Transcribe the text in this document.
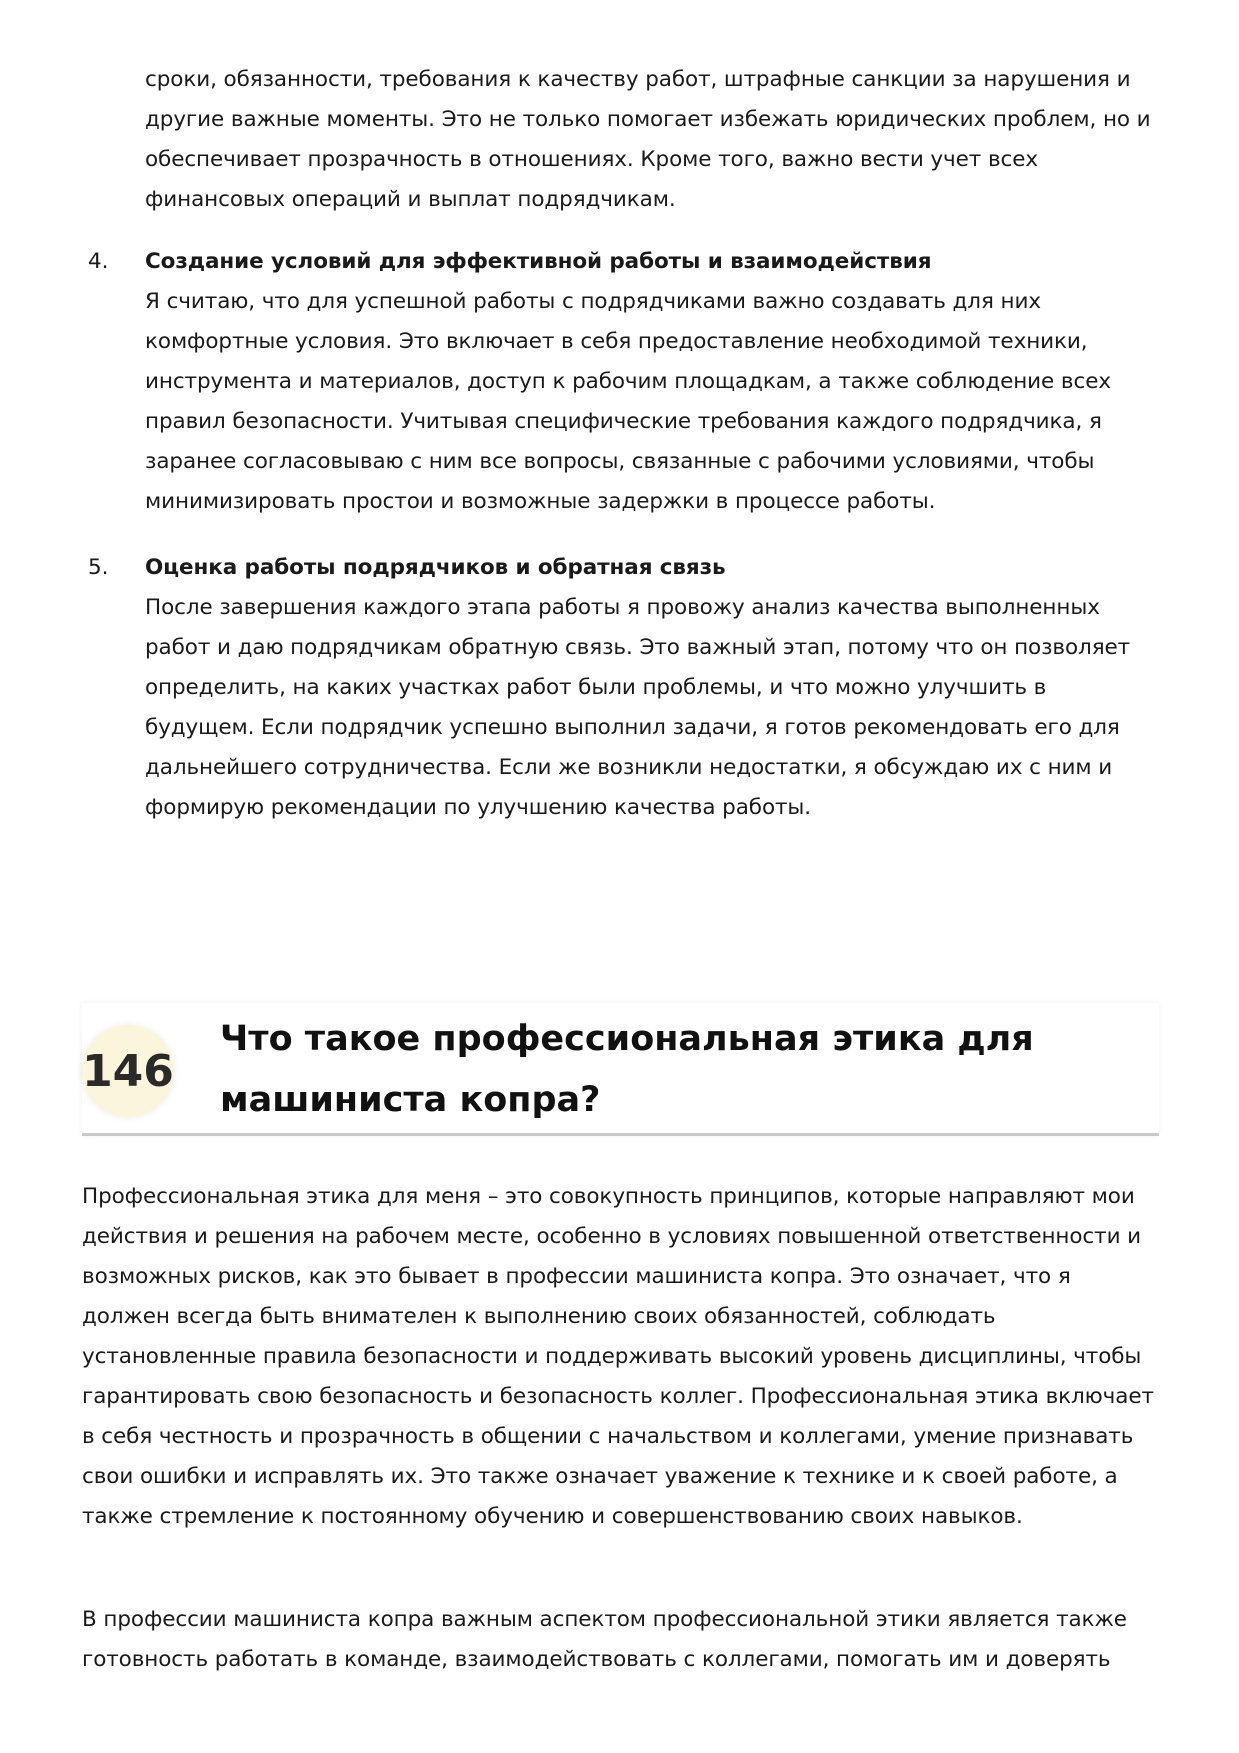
сроки, обязанности, требования к качеству работ, штрафные санкции за нарушения и другие важные моменты. Это не только помогает избежать юридических проблем, но и обеспечивает прозрачность в отношениях. Кроме того, важно вести учет всех финансовых операций и выплат подрядчикам.

4. Создание условий для эффективной работы и взаимодействия
Я считаю, что для успешной работы с подрядчиками важно создавать для них комфортные условия. Это включает в себя предоставление необходимой техники, инструмента и материалов, доступ к рабочим площадкам, а также соблюдение всех правил безопасности. Учитывая специфические требования каждого подрядчика, я заранее согласовываю с ним все вопросы, связанные с рабочими условиями, чтобы минимизировать простои и возможные задержки в процессе работы.

5. Оценка работы подрядчиков и обратная связь
После завершения каждого этапа работы я провожу анализ качества выполненных работ и даю подрядчикам обратную связь. Это важный этап, потому что он позволяет определить, на каких участках работ были проблемы, и что можно улучшить в будущем. Если подрядчик успешно выполнил задачи, я готов рекомендовать его для дальнейшего сотрудничества. Если же возникли недостатки, я обсуждаю их с ним и формирую рекомендации по улучшению качества работы.

146
Что такое профессиональная этика для машиниста копра?

Профессиональная этика для меня – это совокупность принципов, которые направляют мои действия и решения на рабочем месте, особенно в условиях повышенной ответственности и возможных рисков, как это бывает в профессии машиниста копра. Это означает, что я должен всегда быть внимателен к выполнению своих обязанностей, соблюдать установленные правила безопасности и поддерживать высокий уровень дисциплины, чтобы гарантировать свою безопасность и безопасность коллег. Профессиональная этика включает в себя честность и прозрачность в общении с начальством и коллегами, умение признавать свои ошибки и исправлять их. Это также означает уважение к технике и к своей работе, а также стремление к постоянному обучению и совершенствованию своих навыков.

В профессии машиниста копра важным аспектом профессиональной этики является также готовность работать в команде, взаимодействовать с коллегами, помогать им и доверять
